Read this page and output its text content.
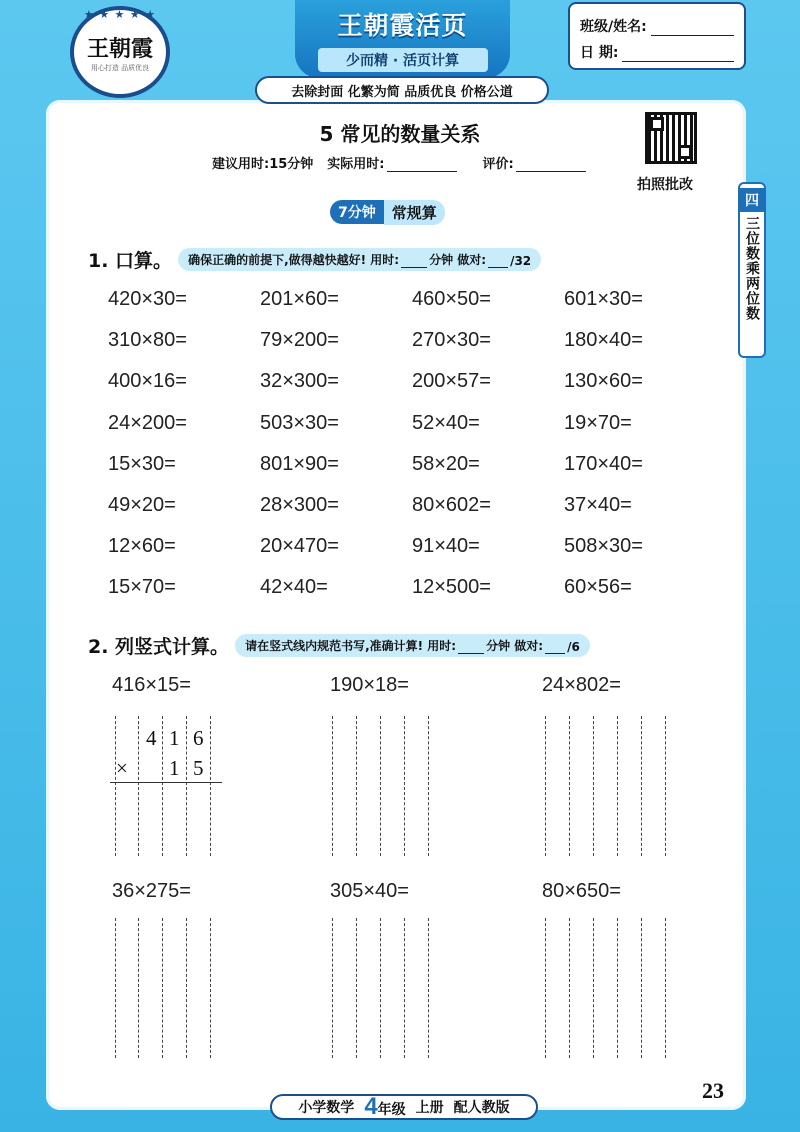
★ ★ ★ ★ ★
王朝霞
用心打造 品质优良
王朝霞活页
少而精 · 活页计算
去除封面 化繁为简 品质优良 价格公道
班级/姓名:
日 期:
四
三位数乘两位数
5 常见的数量关系
建议用时:15分钟 实际用时:	评价:
拍照批改
7分钟	常规算
1. 口算。 确保正确的前提下,做得越快越好! 用时:	分钟 做对: /32
420×30=	201×60=	460×50=	601×30=
310×80=	79×200=	270×30=	180×40=
400×16=	32×300=	200×57=	130×60=
24×200=	503×30=	52×40=	19×70=
15×30=	801×90=	58×20=	170×40=
49×20=	28×300=	80×602=	37×40=
12×60=	20×470=	91×40=	508×30=
15×70=	42×40=	12×500=	60×56=
2. 列竖式计算。 请在竖式线内规范书写,准确计算! 用时:	分钟 做对: /6
416×15=	190×18=	24×802=
36×275=	305×40=	80×650=
4 1 6
× 1 5
小学数学 4年级 上册 配人教版
23
